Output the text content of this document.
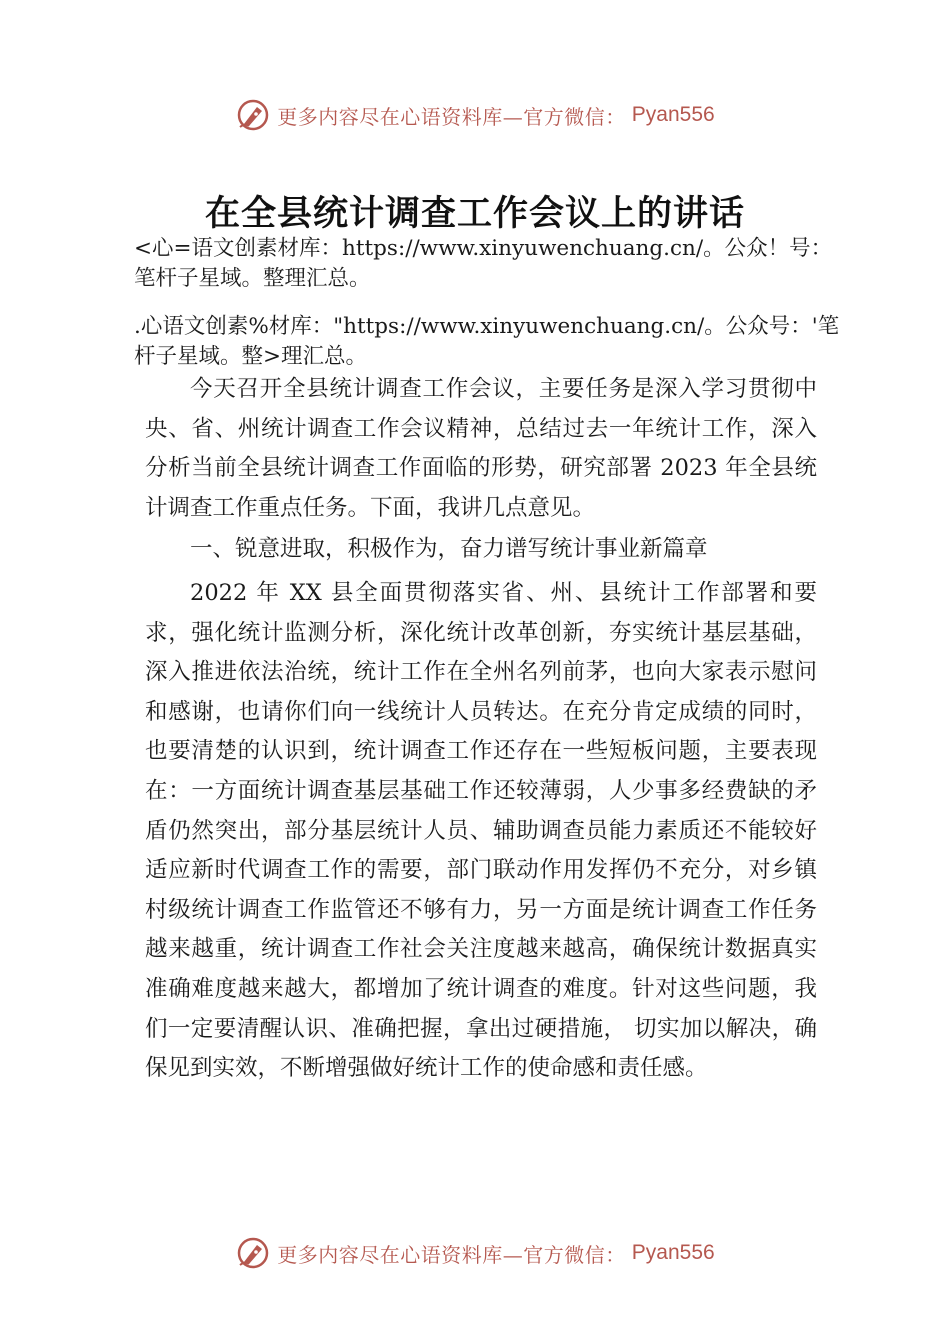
更多内容尽在心语资料库—官方微信： Pyan556
在全县统计调查工作会议上的讲话

<心=语文创素材库：https://www.xinyuwenchuang.cn/。公众！号：笔杆子星域。整理汇总。

.心语文创素%材库："https://www.xinyuwenchuang.cn/。公众号：'笔杆子星域。整>理汇总。

今天召开全县统计调查工作会议，主要任务是深入学习贯彻中央、省、州统计调查工作会议精神，总结过去一年统计工作，深入分析当前全县统计调查工作面临的形势，研究部署 2023 年全县统计调查工作重点任务。下面，我讲几点意见。

一、锐意进取，积极作为，奋力谱写统计事业新篇章

2022 年 XX 县全面贯彻落实省、州、县统计工作部署和要求，强化统计监测分析，深化统计改革创新，夯实统计基层基础，深入推进依法治统，统计工作在全州名列前茅，也向大家表示慰问和感谢，也请你们向一线统计人员转达。在充分肯定成绩的同时，也要清楚的认识到，统计调查工作还存在一些短板问题，主要表现在：一方面统计调查基层基础工作还较薄弱，人少事多经费缺的矛盾仍然突出，部分基层统计人员、辅助调查员能力素质还不能较好适应新时代调查工作的需要，部门联动作用发挥仍不充分，对乡镇村级统计调查工作监管还不够有力，另一方面是统计调查工作任务越来越重，统计调查工作社会关注度越来越高，确保统计数据真实准确难度越来越大，都增加了统计调查的难度。针对这些问题，我们一定要清醒认识、准确把握，拿出过硬措施， 切实加以解决，确保见到实效，不断增强做好统计工作的使命感和责任感。

更多内容尽在心语资料库—官方微信： Pyan556
